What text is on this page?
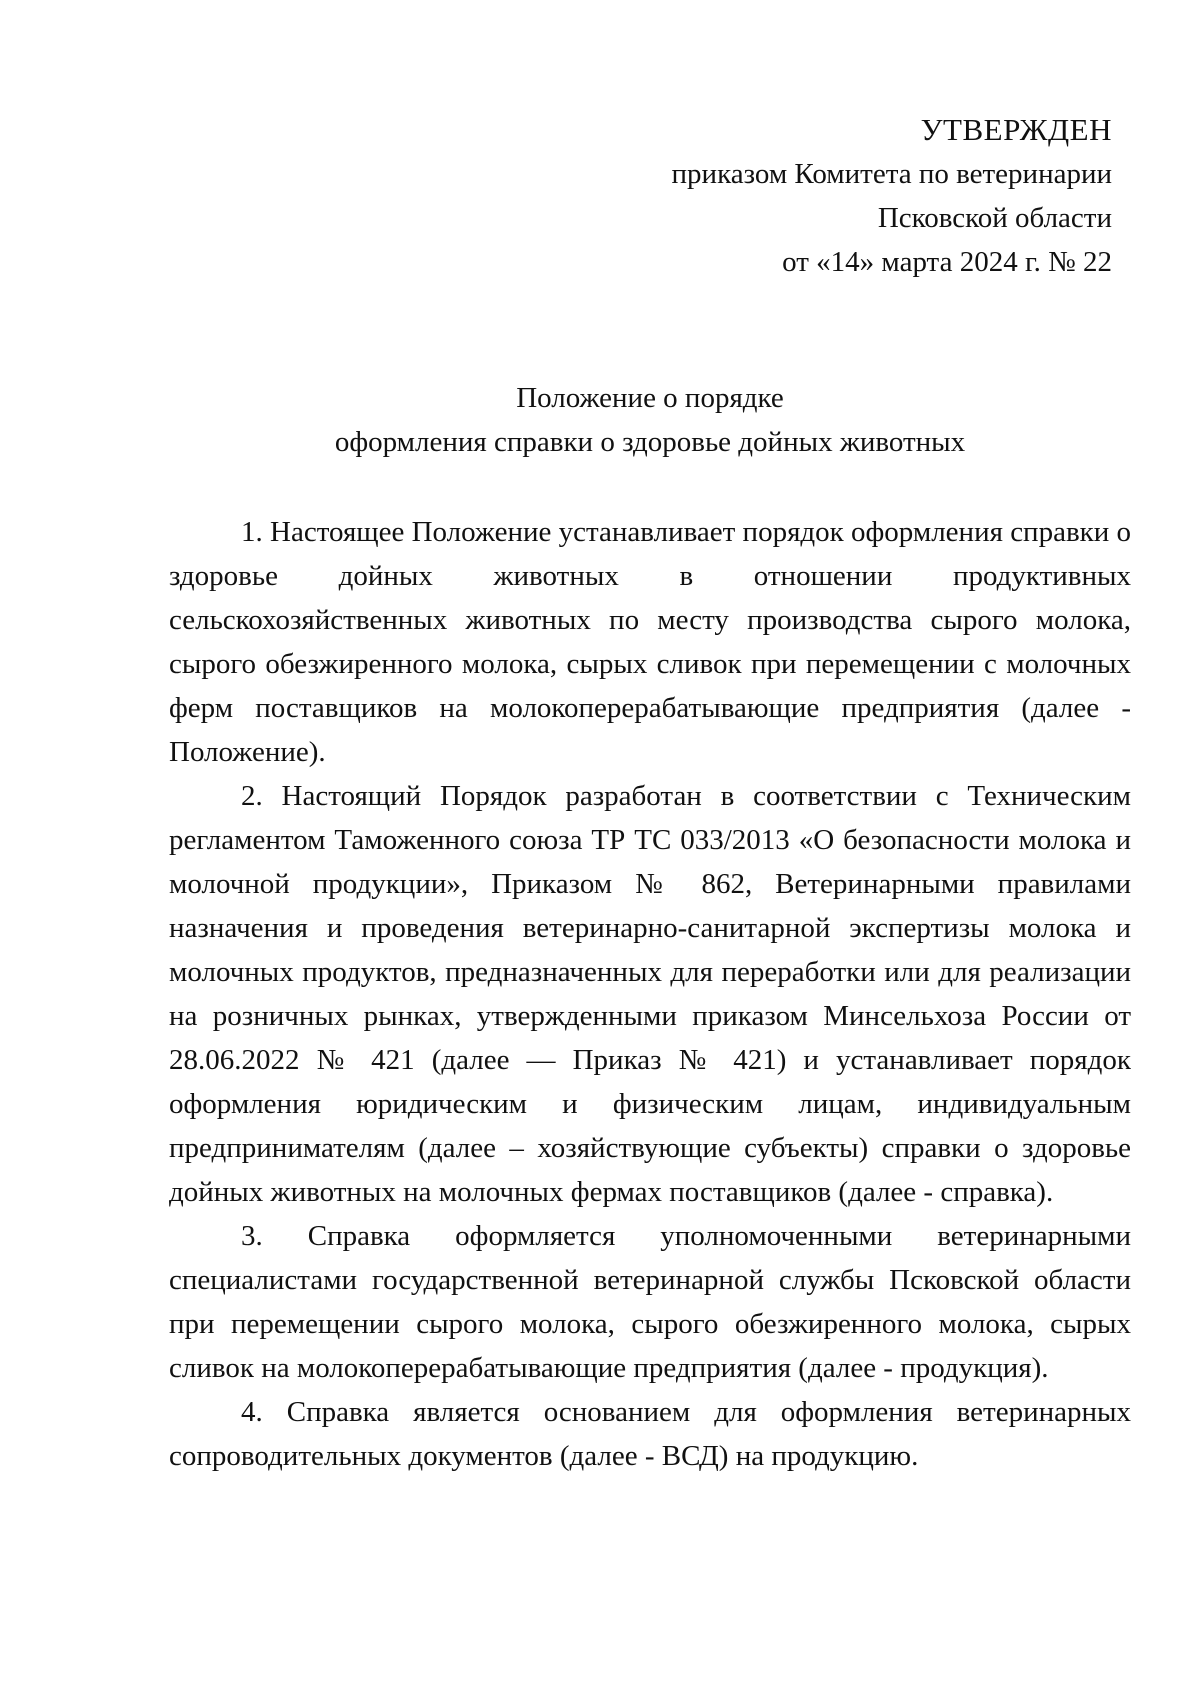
УТВЕРЖДЕН
приказом Комитета по ветеринарии
Псковской области
от «14» марта 2024 г. № 22
Положение о порядке
оформления справки о здоровье дойных животных

1. Настоящее Положение устанавливает порядок оформления справки о здоровье дойных животных в отношении продуктивных сельскохозяйственных животных по месту производства сырого молока, сырого обезжиренного молока, сырых сливок при перемещении с молочных ферм поставщиков на молокоперерабатывающие предприятия (далее - Положение).

2. Настоящий Порядок разработан в соответствии с Техническим регламентом Таможенного союза ТР ТС 033/2013 «О безопасности молока и молочной продукции», Приказом № 862, Ветеринарными правилами назначения и проведения ветеринарно-санитарной экспертизы молока и молочных продуктов, предназначенных для переработки или для реализации на розничных рынках, утвержденными приказом Минсельхоза России от 28.06.2022 № 421 (далее — Приказ № 421) и устанавливает порядок оформления юридическим и физическим лицам, индивидуальным предпринимателям (далее – хозяйствующие субъекты) справки о здоровье дойных животных на молочных фермах поставщиков (далее - справка).

3. Справка оформляется уполномоченными ветеринарными специалистами государственной ветеринарной службы Псковской области при перемещении сырого молока, сырого обезжиренного молока, сырых сливок на молокоперерабатывающие предприятия (далее - продукция).

4. Справка является основанием для оформления ветеринарных сопроводительных документов (далее - ВСД) на продукцию.
